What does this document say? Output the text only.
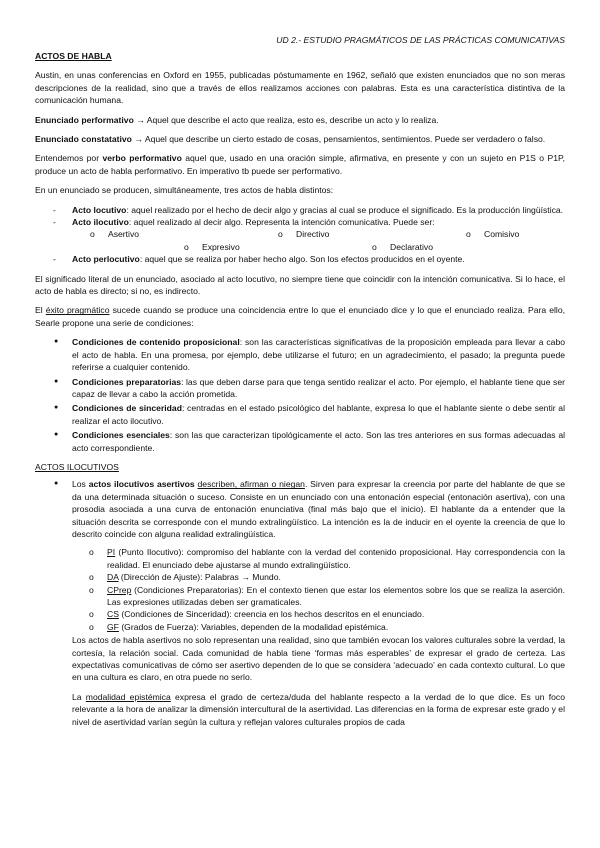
UD 2.- ESTUDIO PRAGMÁTICOS DE LAS PRÁCTICAS COMUNICATIVAS
ACTOS DE HABLA

Austin, en unas conferencias en Oxford en 1955, publicadas póstumamente en 1962, señaló que existen enunciados que no son meras descripciones de la realidad, sino que a través de ellos realizamos acciones con palabras. Esta es una característica distintiva de la comunicación humana.

Enunciado performativo → Aquel que describe el acto que realiza, esto es, describe un acto y lo realiza.

Enunciado constatativo → Aquel que describe un cierto estado de cosas, pensamientos, sentimientos. Puede ser verdadero o falso.

Entendemos por verbo performativo aquel que, usado en una oración simple, afirmativa, en presente y con un sujeto en P1S o P1P, produce un acto de habla performativo. En imperativo tb puede ser performativo.

En un enunciado se producen, simultáneamente, tres actos de habla distintos:

- Acto locutivo: aquel realizado por el hecho de decir algo y gracias al cual se produce el significado. Es la producción lingüística.
- Acto ilocutivo: aquel realizado al decir algo. Representa la intención comunicativa. Puede ser:
o Asertivo	o Directivo	o Comisivo
o Expresivo	o Declarativo
- Acto perlocutivo: aquel que se realiza por haber hecho algo. Son los efectos producidos en el oyente.

El significado literal de un enunciado, asociado al acto locutivo, no siempre tiene que coincidir con la intención comunicativa. Si lo hace, el acto de habla es directo; si no, es indirecto.

El éxito pragmático sucede cuando se produce una coincidencia entre lo que el enunciado dice y lo que el enunciado realiza. Para ello, Searle propone una serie de condiciones:

● Condiciones de contenido proposicional: son las características significativas de la proposición empleada para llevar a cabo el acto de habla. En una promesa, por ejemplo, debe utilizarse el futuro; en un agradecimiento, el pasado; la pregunta puede referirse a cualquier contenido.
● Condiciones preparatorias: las que deben darse para que tenga sentido realizar el acto. Por ejemplo, el hablante tiene que ser capaz de llevar a cabo la acción prometida.
● Condiciones de sinceridad: centradas en el estado psicológico del hablante, expresa lo que el hablante siente o debe sentir al realizar el acto ilocutivo.
● Condiciones esenciales: son las que caracterizan tipológicamente el acto. Son las tres anteriores en sus formas adecuadas al acto correspondiente.
ACTOS ILOCUTIVOS
● Los actos ilocutivos asertivos describen, afirman o niegan. Sirven para expresar la creencia por parte del hablante de que se da una determinada situación o suceso. Consiste en un enunciado con una entonación especial (entonación asertiva), con una prosodia asociada a una curva de entonación enunciativa (final más bajo que el inicio). El hablante da a entender que la situación descrita se corresponde con el mundo extralingüístico. La intención es la de inducir en el oyente la creencia de que lo descrito coincide con alguna realidad extralingüística.
o PI (Punto Ilocutivo): compromiso del hablante con la verdad del contenido proposicional. Hay correspondencia con la realidad. El enunciado debe ajustarse al mundo extralingüístico.
o DA (Dirección de Ajuste): Palabras → Mundo.
o CPrep (Condiciones Preparatorias): En el contexto tienen que estar los elementos sobre los que se realiza la aserción. Las expresiones utilizadas deben ser gramaticales.
o CS (Condiciones de Sinceridad): creencia en los hechos descritos en el enunciado.
o GF (Grados de Fuerza): Variables, dependen de la modalidad epistémica.

Los actos de habla asertivos no solo representan una realidad, sino que también evocan los valores culturales sobre la verdad, la cortesía, la relación social. Cada comunidad de habla tiene ‘formas más esperables’ de expresar el grado de certeza. Las expectativas comunicativas de cómo ser asertivo dependen de lo que se considera ‘adecuado’ en cada contexto cultural. Lo que en una cultura es claro, en otra puede no serlo.

La modalidad epistémica expresa el grado de certeza/duda del hablante respecto a la verdad de lo que dice. Es un foco relevante a la hora de analizar la dimensión intercultural de la asertividad. Las diferencias en la forma de expresar este grado y el nivel de asertividad varían según la cultura y reflejan valores culturales propios de cada
